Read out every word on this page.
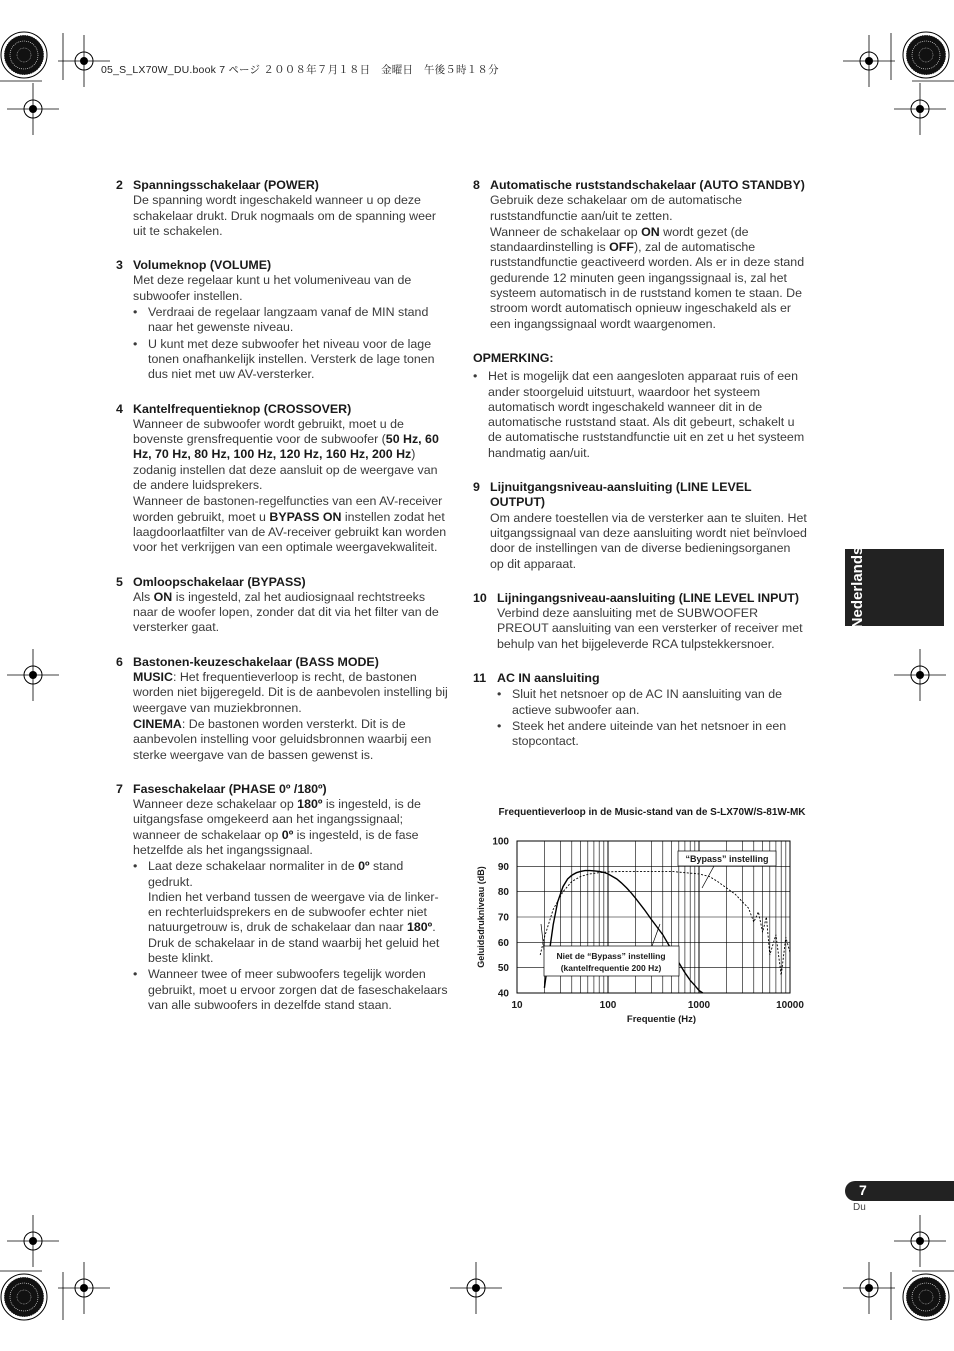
05_S_LX70W_DU.book 7 ページ ２００８年７月１８日　金曜日　午後５時１８分
2 Spanningsschakelaar (POWER)
De spanning wordt ingeschakeld wanneer u op deze schakelaar drukt. Druk nogmaals om de spanning weer uit te schakelen.
3 Volumeknop (VOLUME)
Met deze regelaar kunt u het volumeniveau van de subwoofer instellen.
• Verdraai de regelaar langzaam vanaf de MIN stand naar het gewenste niveau.
• U kunt met deze subwoofer het niveau voor de lage tonen onafhankelijk instellen. Versterk de lage tonen dus niet met uw AV-versterker.
4 Kantelfrequentieknop (CROSSOVER)
Wanneer de subwoofer wordt gebruikt, moet u de bovenste grensfrequentie voor de subwoofer (50 Hz, 60 Hz, 70 Hz, 80 Hz, 100 Hz, 120 Hz, 160 Hz, 200 Hz) zodanig instellen dat deze aansluit op de weergave van de andere luidsprekers.
Wanneer de bastonen-regelfuncties van een AV-receiver worden gebruikt, moet u BYPASS ON instellen zodat het laagdoorlaatfilter van de AV-receiver gebruikt kan worden voor het verkrijgen van een optimale weergavekwaliteit.
5 Omloopschakelaar (BYPASS)
Als ON is ingesteld, zal het audiosignaal rechtstreeks naar de woofer lopen, zonder dat dit via het filter van de versterker gaat.
6 Bastonen-keuzeschakelaar (BASS MODE)
MUSIC: Het frequentieverloop is recht, de bastonen worden niet bijgeregeld. Dit is de aanbevolen instelling bij weergave van muziekbronnen.
CINEMA: De bastonen worden versterkt. Dit is de aanbevolen instelling voor geluidsbronnen waarbij een sterke weergave van de bassen gewenst is.
7 Faseschakelaar (PHASE 0º /180º)
Wanneer deze schakelaar op 180º is ingesteld, is de uitgangsfase omgekeerd aan het ingangssignaal; wanneer de schakelaar op 0º is ingesteld, is de fase hetzelfde als het ingangssignaal.
• Laat deze schakelaar normaliter in de 0º stand gedrukt.
Indien het verband tussen de weergave via de linker- en rechterluidsprekers en de subwoofer echter niet natuurgetrouw is, druk de schakelaar dan naar 180º. Druk de schakelaar in de stand waarbij het geluid het beste klinkt.
• Wanneer twee of meer subwoofers tegelijk worden gebruikt, moet u ervoor zorgen dat de faseschakelaars van alle subwoofers in dezelfde stand staan.
8 Automatische ruststandschakelaar (AUTO STANDBY)
Gebruik deze schakelaar om de automatische ruststandfunctie aan/uit te zetten.
Wanneer de schakelaar op ON wordt gezet (de standaardinstelling is OFF), zal de automatische ruststandfunctie geactiveerd worden. Als er in deze stand gedurende 12 minuten geen ingangssignaal is, zal het systeem automatisch in de ruststand komen te staan. De stroom wordt automatisch opnieuw ingeschakeld als er een ingangssignaal wordt waargenomen.
OPMERKING:
• Het is mogelijk dat een aangesloten apparaat ruis of een ander stoorgeluid uitstuurt, waardoor het systeem automatisch wordt ingeschakeld wanneer dit in de automatische ruststand staat. Als dit gebeurt, schakelt u de automatische ruststandfunctie uit en zet u het systeem handmatig aan/uit.
9 Lijnuitgangsniveau-aansluiting (LINE LEVEL OUTPUT)
Om andere toestellen via de versterker aan te sluiten. Het uitgangssignaal van deze aansluiting wordt niet beïnvloed door de instellingen van de diverse bedieningsorganen op dit apparaat.
10 Lijningangsniveau-aansluiting (LINE LEVEL INPUT)
Verbind deze aansluiting met de SUBWOOFER PREOUT aansluiting van een versterker of receiver met behulp van het bijgeleverde RCA tulpstekkersnoer.
11 AC IN aansluiting
• Sluit het netsnoer op de AC IN aansluiting van de actieve subwoofer aan.
• Steek het andere uiteinde van het netsnoer in een stopcontact.
Frequentieverloop in de Music-stand van de S-LX70W/S-81W-MK
40
50
60
70
80
90
100
10	100	1000	10000
Frequentie (Hz)
Geluidsdrukniveau (dB)
“Bypass” instelling
Niet de “Bypass” instelling
(kantelfrequentie 200 Hz)
Nederlands
7
Du
